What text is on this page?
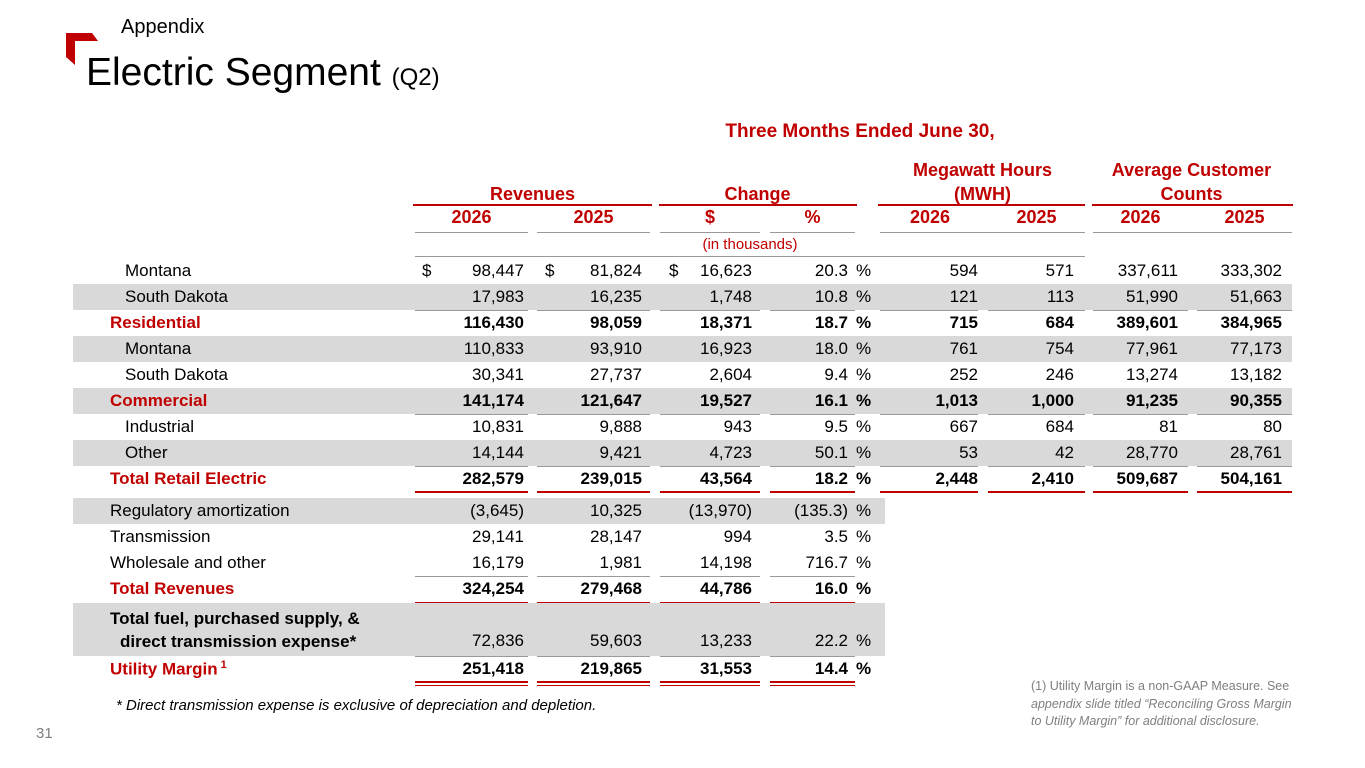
Appendix
Electric Segment (Q2)
Three Months Ended June 30,
Revenues	Change
Megawatt Hours
(MWH)
Average Customer
Counts
2026	2025	$	%	2026	2025	2026	2025
(in thousands)
Montana	$	98,447 $	81,824 $	16,623	20.3 %	594	571	337,611	333,302
South Dakota	17,983	16,235	1,748	10.8 %	121	113	51,990	51,663
Residential	116,430	98,059	18,371	18.7 %	715	684	389,601	384,965
Montana	110,833	93,910	16,923	18.0 %	761	754	77,961	77,173
South Dakota	30,341	27,737	2,604	9.4 %	252	246	13,274	13,182
Commercial	141,174	121,647	19,527	16.1 %	1,013	1,000	91,235	90,355
Industrial	10,831	9,888	943	9.5 %	667	684	81	80
Other	14,144	9,421	4,723	50.1 %	53	42	28,770	28,761
Total Retail Electric	282,579	239,015	43,564	18.2 %	2,448	2,410	509,687	504,161
Regulatory amortization	(3,645)	10,325	(13,970)	(135.3) %
Transmission	29,141	28,147	994	3.5 %
Wholesale and other	16,179	1,981	14,198	716.7 %
Total Revenues	324,254	279,468	44,786	16.0 %
Total fuel, purchased supply, &
direct transmission expense*	72,836	59,603	13,233	22.2 %
Utility Margin $^1$	251,418	219,865	31,553	14.4 %
* Direct transmission expense is exclusive of depreciation and depletion.
(1) Utility Margin is a non-GAAP Measure. See
appendix slide titled “Reconciling Gross Margin
to Utility Margin” for additional disclosure.
31
